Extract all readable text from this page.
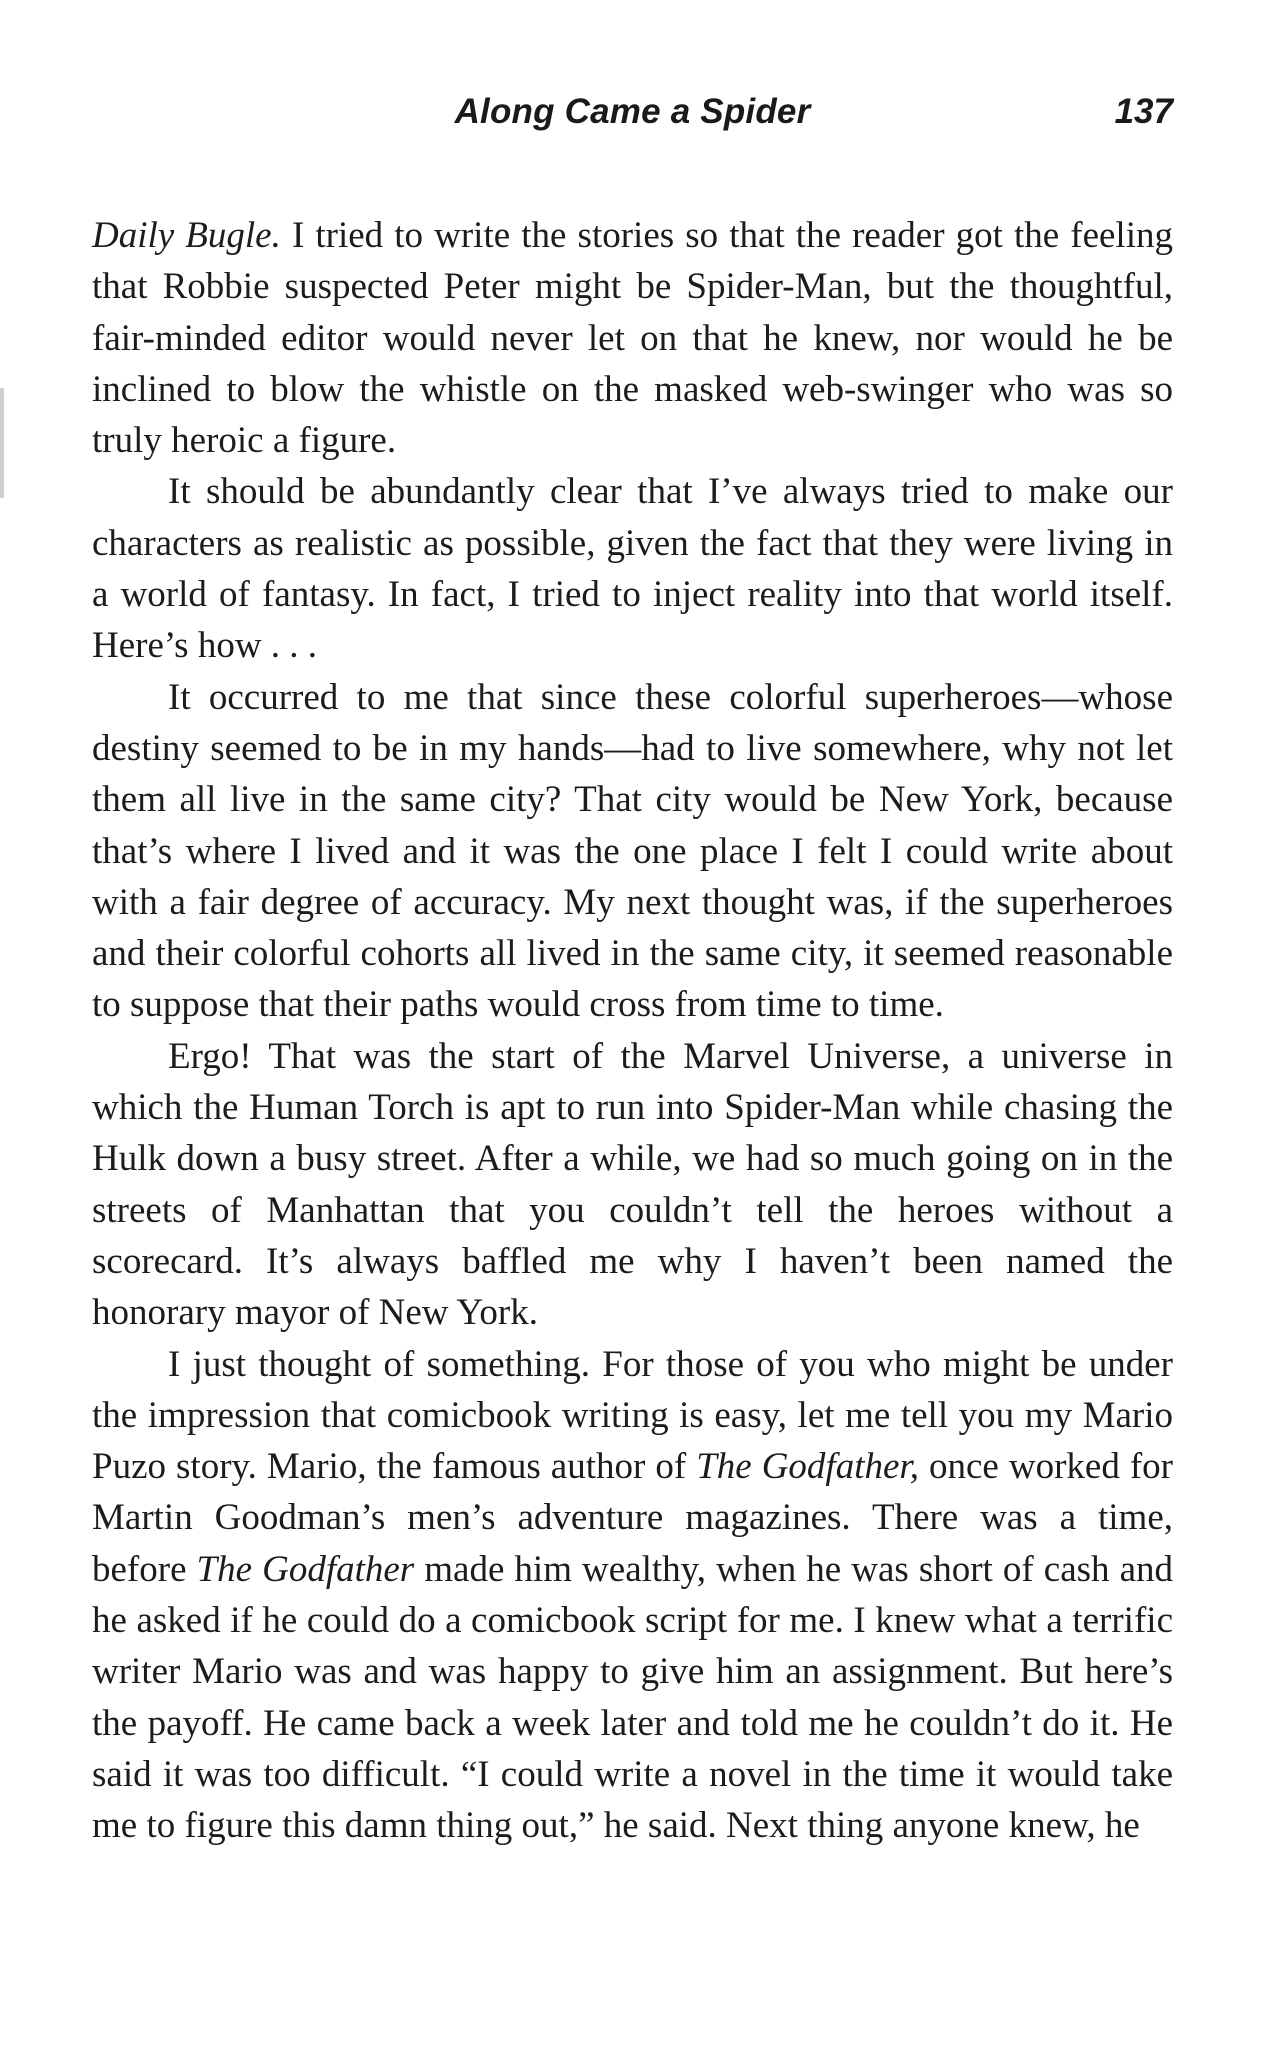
Along Came a Spider	137

Daily Bugle. I tried to write the stories so that the reader got the feeling that Robbie suspected Peter might be Spider-Man, but the thoughtful, fair-minded editor would never let on that he knew, nor would he be inclined to blow the whistle on the masked web-swinger who was so truly heroic a figure.

It should be abundantly clear that I’ve always tried to make our characters as realistic as possible, given the fact that they were living in a world of fantasy. In fact, I tried to inject reality into that world itself. Here’s how . . .

It occurred to me that since these colorful superheroes—whose destiny seemed to be in my hands—had to live somewhere, why not let them all live in the same city? That city would be New York, because that’s where I lived and it was the one place I felt I could write about with a fair degree of accuracy. My next thought was, if the superheroes and their colorful cohorts all lived in the same city, it seemed reasonable to suppose that their paths would cross from time to time.

Ergo! That was the start of the Marvel Universe, a universe in which the Human Torch is apt to run into Spider-Man while chasing the Hulk down a busy street. After a while, we had so much going on in the streets of Manhattan that you couldn’t tell the heroes without a scorecard. It’s always baffled me why I haven’t been named the honorary mayor of New York.

I just thought of something. For those of you who might be under the impression that comicbook writing is easy, let me tell you my Mario Puzo story. Mario, the famous author of The Godfather, once worked for Martin Goodman’s men’s adventure magazines. There was a time, before The Godfather made him wealthy, when he was short of cash and he asked if he could do a comicbook script for me. I knew what a terrific writer Mario was and was happy to give him an assignment. But here’s the payoff. He came back a week later and told me he couldn’t do it. He said it was too difficult. “I could write a novel in the time it would take me to figure this damn thing out,” he said. Next thing anyone knew, he
